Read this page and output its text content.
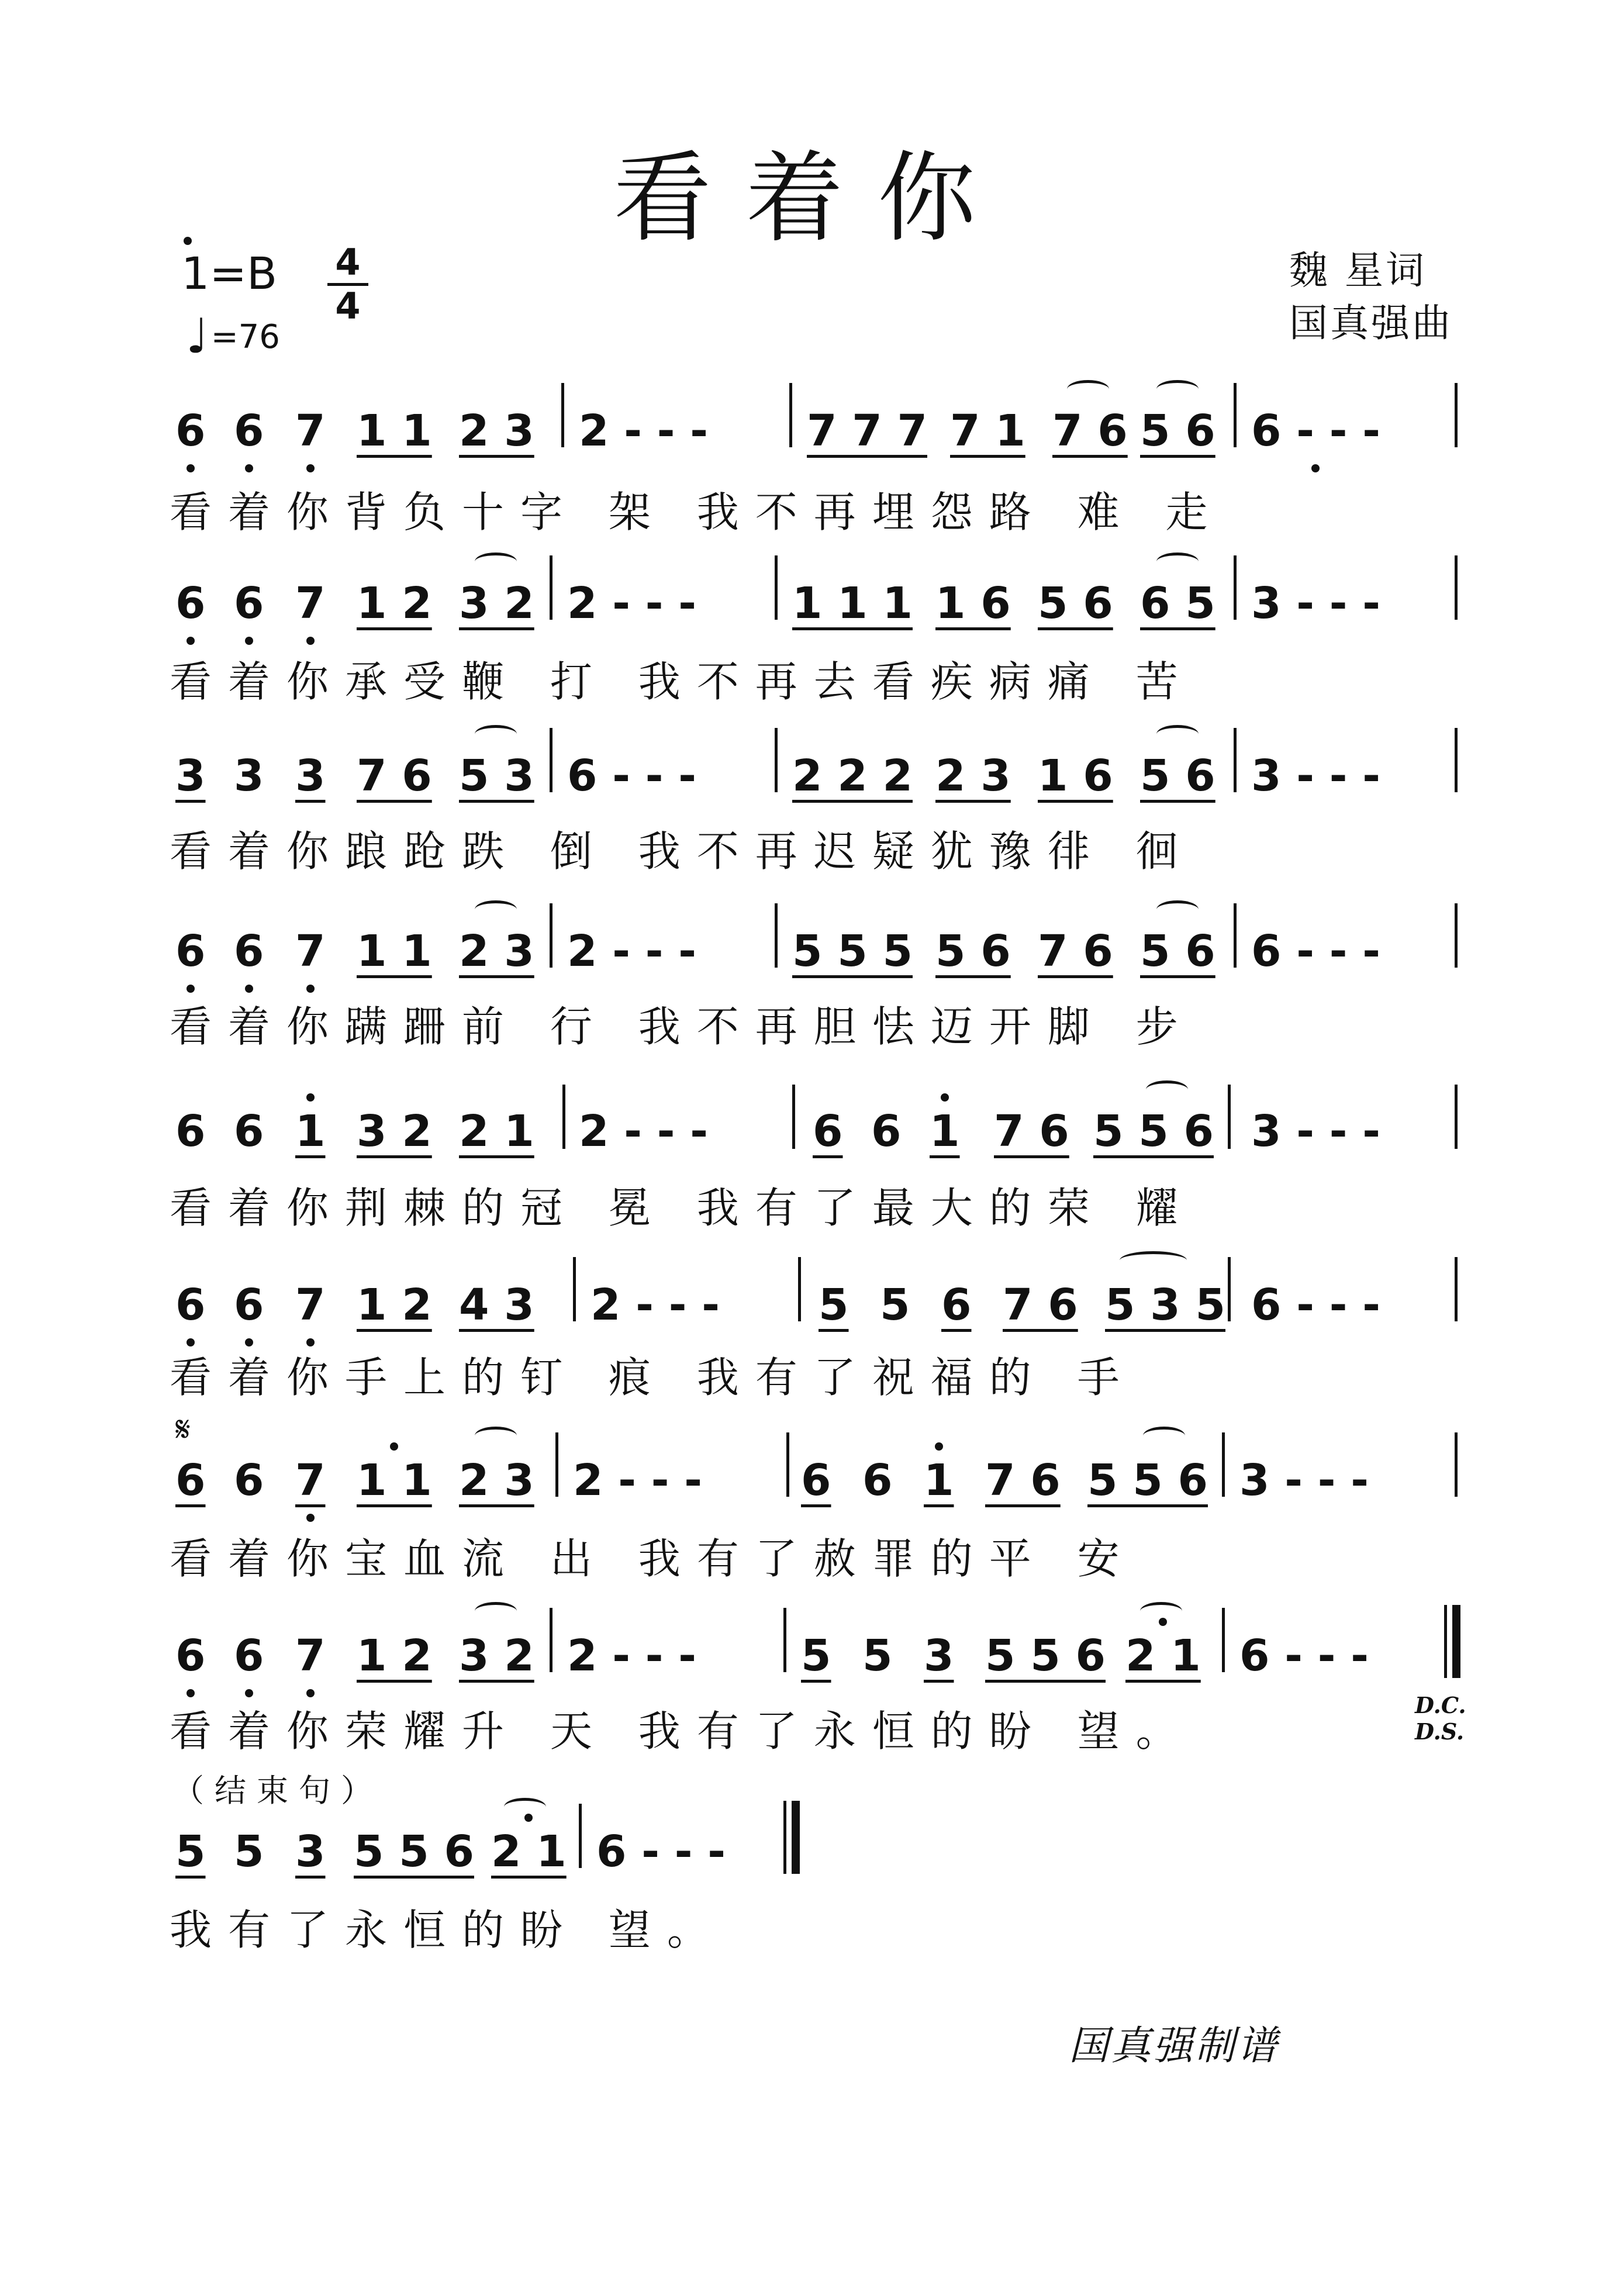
看着你
1=B 4
4
♩=76
魏 星词
国真强曲
6 6 7 1 1 2 3 2 - - - 7 7 7 7 1 7 6 5 6 6 - - -
看着你背负十字 架 我不再埋怨路 难 走
6 6 7 1 2 3 2 2 - - - 1 1 1 1 6 5 6 6 5 3 - - -
看着你承受鞭 打 我不再去看疾病痛 苦
3 3 3 7 6 5 3 6 - - - 2 2 2 2 3 1 6 5 6 3 - - -
看着你踉跄跌 倒 我不再迟疑犹豫徘 徊
6 6 7 1 1 2 3 2 - - - 5 5 5 5 6 7 6 5 6 6 - - -
看着你蹒跚前 行 我不再胆怯迈开脚 步
6 6 1 3 2 2 1 2 - - - 6 6 1 7 6 5 5 6 3 - - -
看着你荆棘的冠 冕 我有了最大的荣 耀
6 6 7 1 2 4 3 2 - - - 5 5 6 7 6 5 3 5 6 - - -
看着你手上的钉 痕 我有了祝福的 手
𝄋
6 6 7 1 1 2 3 2 - - - 6 6 1 7 6 5 5 6 3 - - -
看着你宝血流 出 我有了赦罪的平 安
6 6 7 1 2 3 2 2 - - - 5 5 3 5 5 6 2 1 6 - - -
看着你荣耀升 天 我有了永恒的盼 望。
D.C.
D.S.
（结束句）
5 5 3 5 5 6 2 1 6 - - -
我有了永恒的盼 望。
国真强制谱
